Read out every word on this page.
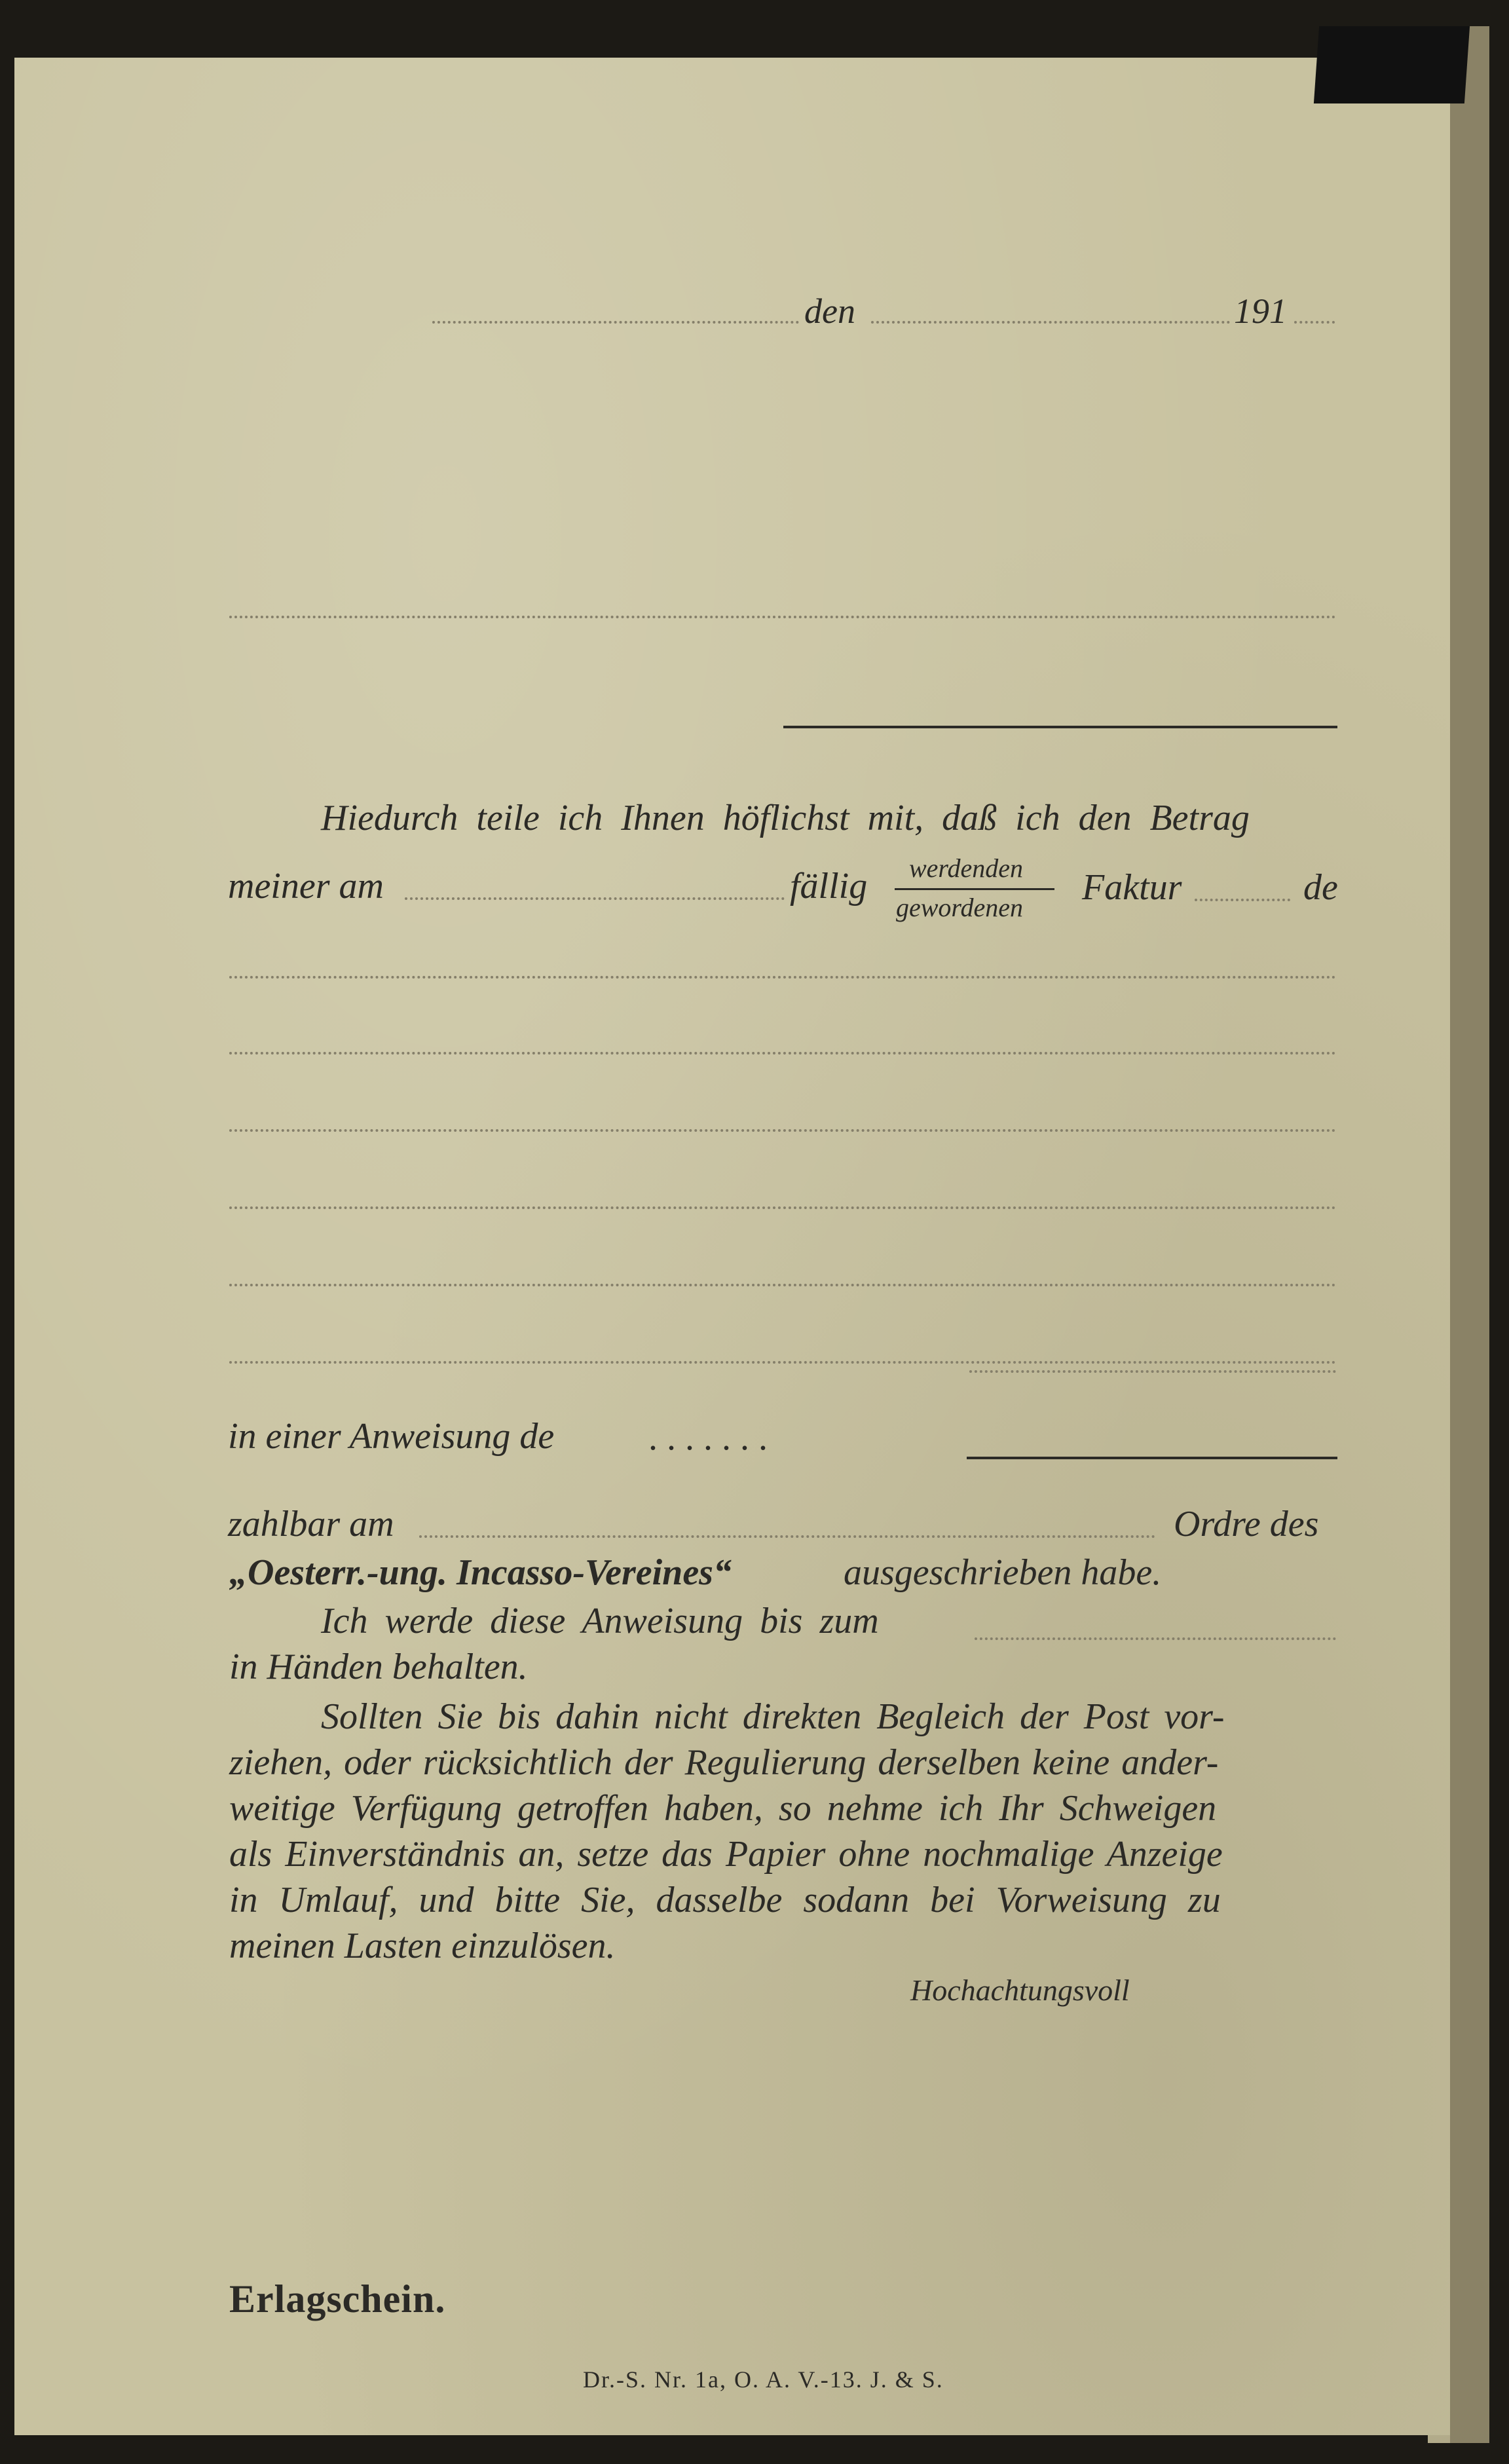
den	191
Hiedurch teile ich Ihnen höflichst mit, daß ich den Betrag
meiner am	fällig werdenden
gewordenen Faktur	de
in einer Anweisung de	. . . . . . .
zahlbar am	Ordre des
„Oesterr.-ung. Incasso-Vereines“	ausgeschrieben habe.
Ich werde diese Anweisung bis zum
in Händen behalten.
Sollten Sie bis dahin nicht direkten Begleich der Post vor-
ziehen, oder rücksichtlich der Regulierung derselben keine ander-
weitige Verfügung getroffen haben, so nehme ich Ihr Schweigen
als Einverständnis an, setze das Papier ohne nochmalige Anzeige
in Umlauf, und bitte Sie, dasselbe sodann bei Vorweisung zu
meinen Lasten einzulösen.
Hochachtungsvoll
Erlagschein.
Dr.-S. Nr. 1a, O. A. V.-13. J. & S.
